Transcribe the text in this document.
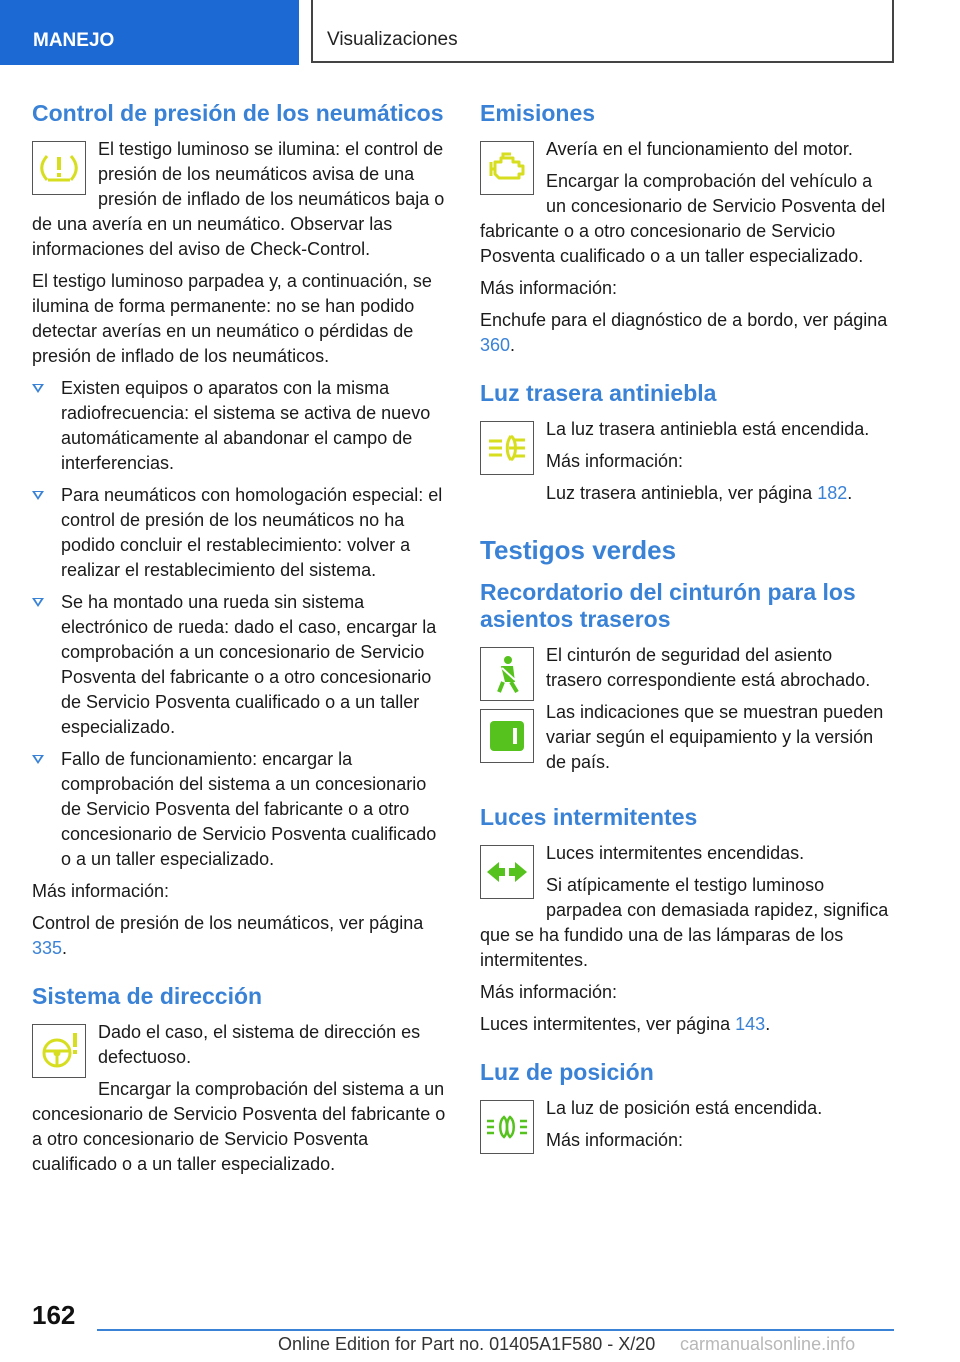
MANEJO	Visualizaciones
Control de presión de los neumáticos

El testigo luminoso se ilumina: el control de presión de los neumáticos avisa de una presión de inflado de los neumáticos baja o de una avería en un neumático. Observar las informaciones del aviso de Check-Control.

El testigo luminoso parpadea y, a continuación, se ilumina de forma permanente: no se han podido detectar averías en un neumático o pérdidas de presión de inflado de los neumáticos.

Existen equipos o aparatos con la misma radiofrecuencia: el sistema se activa de nuevo automáticamente al abandonar el campo de interferencias.
Para neumáticos con homologación especial: el control de presión de los neumáticos no ha podido concluir el restablecimiento: volver a realizar el restablecimiento del sistema.
Se ha montado una rueda sin sistema electrónico de rueda: dado el caso, encargar la comprobación a un concesionario de Servicio Posventa del fabricante o a otro concesionario de Servicio Posventa cualificado o a un taller especializado.
Fallo de funcionamiento: encargar la comprobación del sistema a un concesionario de Servicio Posventa del fabricante o a otro concesionario de Servicio Posventa cualificado o a un taller especializado.

Más información:

Control de presión de los neumáticos, ver página 335.

Sistema de dirección

Dado el caso, el sistema de dirección es defectuoso.

Encargar la comprobación del sistema a un concesionario de Servicio Posventa del fabricante o a otro concesionario de Servicio Posventa cualificado o a un taller especializado.

Emisiones

Avería en el funcionamiento del motor.

Encargar la comprobación del vehículo a un concesionario de Servicio Posventa del fabricante o a otro concesionario de Servicio Posventa cualificado o a un taller especializado.

Más información:

Enchufe para el diagnóstico de a bordo, ver página 360.

Luz trasera antiniebla

La luz trasera antiniebla está encendida.

Más información:

Luz trasera antiniebla, ver página 182.

Testigos verdes
Recordatorio del cinturón para los asientos traseros

El cinturón de seguridad del asiento trasero correspondiente está abrochado.

Las indicaciones que se muestran pueden variar según el equipamiento y la versión de país.

Luces intermitentes

Luces intermitentes encendidas.

Si atípicamente el testigo luminoso parpadea con demasiada rapidez, significa que se ha fundido una de las lámparas de los intermitentes.

Más información:

Luces intermitentes, ver página 143.

Luz de posición

La luz de posición está encendida.

Más información:

162
Online Edition for Part no. 01405A1F580 - X/20 carmanualsonline.info
